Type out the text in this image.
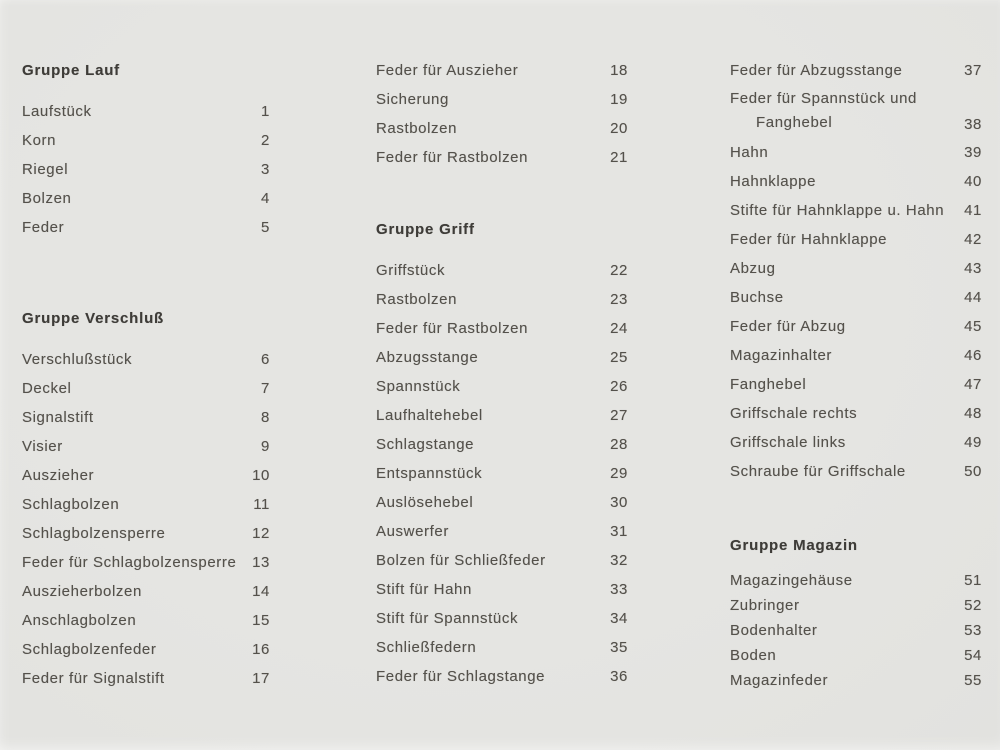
Gruppe Lauf
Laufstück	1
Korn	2
Riegel	3
Bolzen	4
Feder	5
Gruppe Verschluß
Verschlußstück	6
Deckel	7
Signalstift	8
Visier	9
Auszieher	10
Schlagbolzen	11
Schlagbolzensperre	12
Feder für Schlagbolzensperre 13
Auszieherbolzen	14
Anschlagbolzen	15
Schlagbolzenfeder	16
Feder für Signalstift	17
Feder für Auszieher	18
Sicherung	19
Rastbolzen	20
Feder für Rastbolzen	21
Gruppe Griff
Griffstück	22
Rastbolzen	23
Feder für Rastbolzen	24
Abzugsstange	25
Spannstück	26
Laufhaltehebel	27
Schlagstange	28
Entspannstück	29
Auslösehebel	30
Auswerfer	31
Bolzen für Schließfeder	32
Stift für Hahn	33
Stift für Spannstück	34
Schließfedern	35
Feder für Schlagstange	36
Feder für Abzugsstange	37
Feder für Spannstück und
Fanghebel	38
Hahn	39
Hahnklappe	40
Stifte für Hahnklappe u. Hahn 41
Feder für Hahnklappe	42
Abzug	43
Buchse	44
Feder für Abzug	45
Magazinhalter	46
Fanghebel	47
Griffschale rechts	48
Griffschale links	49
Schraube für Griffschale	50
Gruppe Magazin
Magazingehäuse	51
Zubringer	52
Bodenhalter	53
Boden	54
Magazinfeder	55
